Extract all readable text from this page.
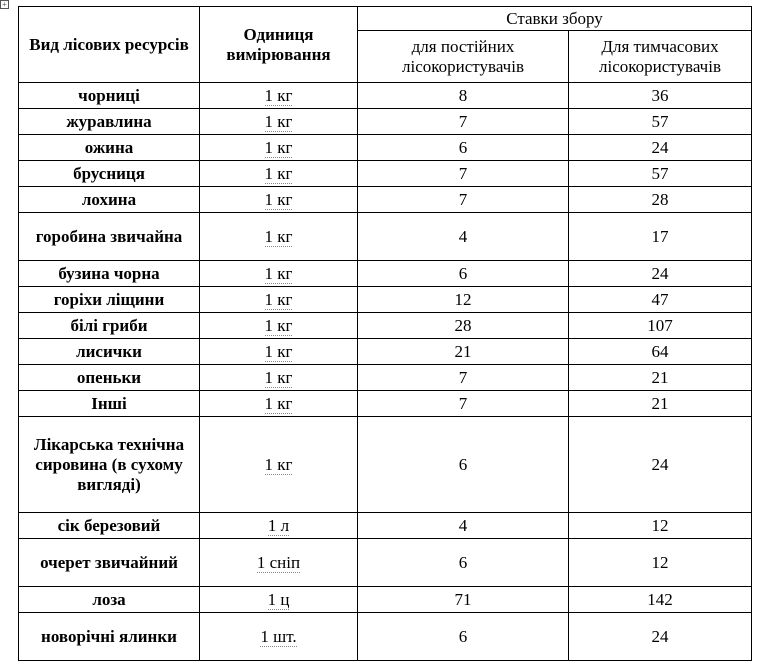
+
Вид лісових ресурсів	Одиниця вимірювання	Ставки збору	
		для постійних лісокористувачів	Для тимчасових лісокористувачів
чорниці	1 кг	8	36
журавлина	1 кг	7	57
ожина	1 кг	6	24
брусниця	1 кг	7	57
лохина	1 кг	7	28
горобина звичайна	1 кг	4	17
бузина чорна	1 кг	6	24
горіхи ліщини	1 кг	12	47
білі гриби	1 кг	28	107
лисички	1 кг	21	64
опеньки	1 кг	7	21
Інші	1 кг	7	21
Лікарська технічна сировина (в сухому вигляді)	1 кг	6	24
сік березовий	1 л	4	12
очерет звичайний	1 сніп	6	12
лоза	1 ц	71	142
новорічні ялинки	1 шт.	6	24
